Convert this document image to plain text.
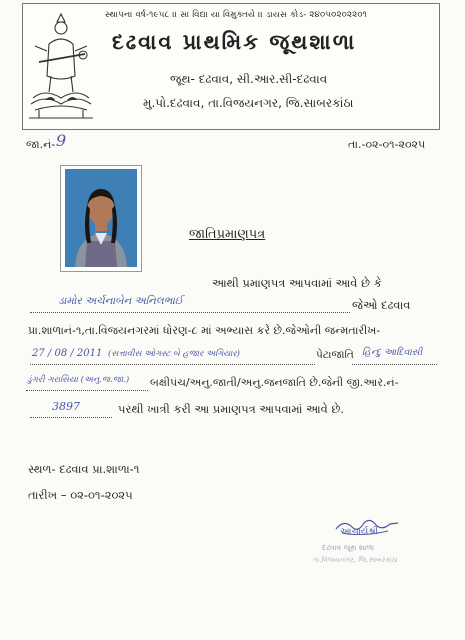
સ્થાપના વર્ષ-૧૯૫૮ ।। સા વિદ્યા યા વિમુક્તયે ।। ડાયસ કોડ- ૨૪૦૫૦૨૦૨૨૦૧
દઢવાવ પ્રાથમિક જૂથશાળા
જૂથ- દઢવાવ, સી.આર.સી-દઢવાવ
મુ.પો.દઢવાવ, તા.વિજયનગર, જિ.સાબરકાંઠા
જા.નં- 9	તા.-૦૨-૦૧-૨૦૨૫
જાતિપ્રમાણપત્ર
આથી પ્રમાણપત્ર આપવામાં આવે છે કે
ડામોર અર્ચનાબેન અનિલભાઈ	જેઓ દઢવાવ
પ્રા.શાળાનં-૧,તા.વિજયનગરમાં ધોરણ-૮ માં અભ્યાસ કરે છે.જેઓની જન્મતારીખ-
27 / 08 / 2011 (સત્તાવીસ ઓગસ્ટ બે હજાર અગિયાર)	પેટાજાતિ હિન્દુ આદિવાસી
ડુંગરી ગરાસિયા (અનુ.જ.જા.) બક્ષીપંચ/અનુ.જાતી/અનુ.જનજાતિ છે.જેની જી.આર.નં-
3897	પરથી ખાત્રી કરી આ પ્રમાણપત્ર આપવામાં આવે છે.
સ્થળ- દઢવાવ પ્રા.શાળા-૧
તારીખ – ૦૨-૦૧-૨૦૨૫
આચાર્યશ્રી
દઢવાવ જૂથ શાળા
તા.વિજયનગર, જિ.સાબરકાંઠા
